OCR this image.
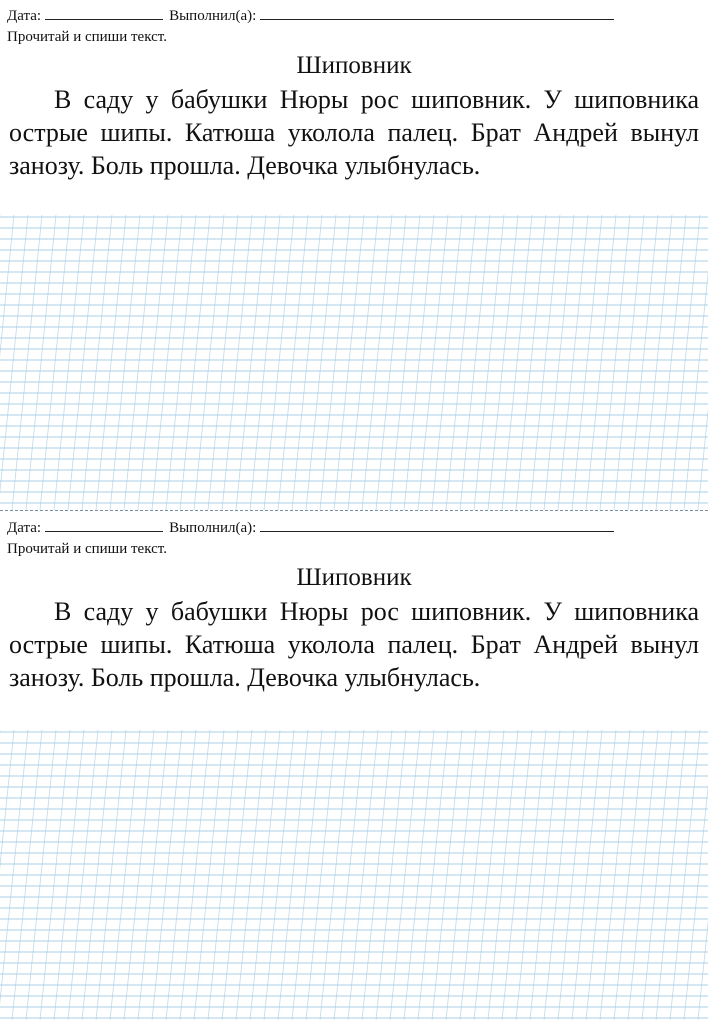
Дата:	Выполнил(а):
Прочитай и спиши текст.
Шиповник

В саду у бабушки Нюры рос шиповник. У шиповника острые шипы. Катюша уколола палец. Брат Андрей вынул занозу. Боль прошла. Девочка улыбнулась.

Дата:	Выполнил(а):
Прочитай и спиши текст.
Шиповник

В саду у бабушки Нюры рос шиповник. У шиповника острые шипы. Катюша уколола палец. Брат Андрей вынул занозу. Боль прошла. Девочка улыбнулась.
